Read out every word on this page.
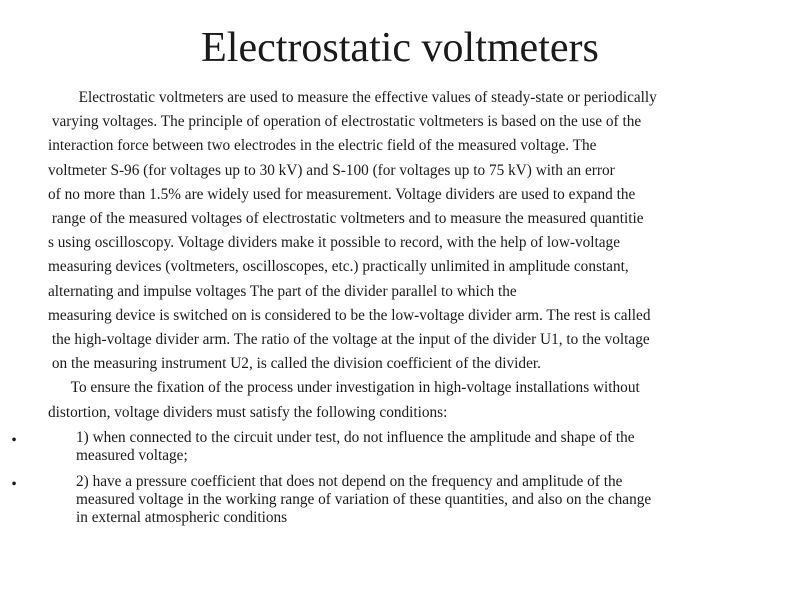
Electrostatic voltmeters
Electrostatic voltmeters are used to measure the effective values of steady-state or periodically
varying voltages. The principle of operation of electrostatic voltmeters is based on the use of the
interaction force between two electrodes in the electric field of the measured voltage. The
voltmeter S-96 (for voltages up to 30 kV) and S-100 (for voltages up to 75 kV) with an error
of no more than 1.5% are widely used for measurement. Voltage dividers are used to expand the
range of the measured voltages of electrostatic voltmeters and to measure the measured quantitie
s using oscilloscopy. Voltage dividers make it possible to record, with the help of low-voltage
measuring devices (voltmeters, oscilloscopes, etc.) practically unlimited in amplitude constant,
alternating and impulse voltages The part of the divider parallel to which the
measuring device is switched on is considered to be the low-voltage divider arm. The rest is called
the high-voltage divider arm. The ratio of the voltage at the input of the divider U1, to the voltage
on the measuring instrument U2, is called the division coefficient of the divider.
To ensure the fixation of the process under investigation in high-voltage installations without
distortion, voltage dividers must satisfy the following conditions:
•	1) when connected to the circuit under test, do not influence the amplitude and shape of the
measured voltage;
•	2) have a pressure coefficient that does not depend on the frequency and amplitude of the
measured voltage in the working range of variation of these quantities, and also on the change
in external atmospheric conditions
